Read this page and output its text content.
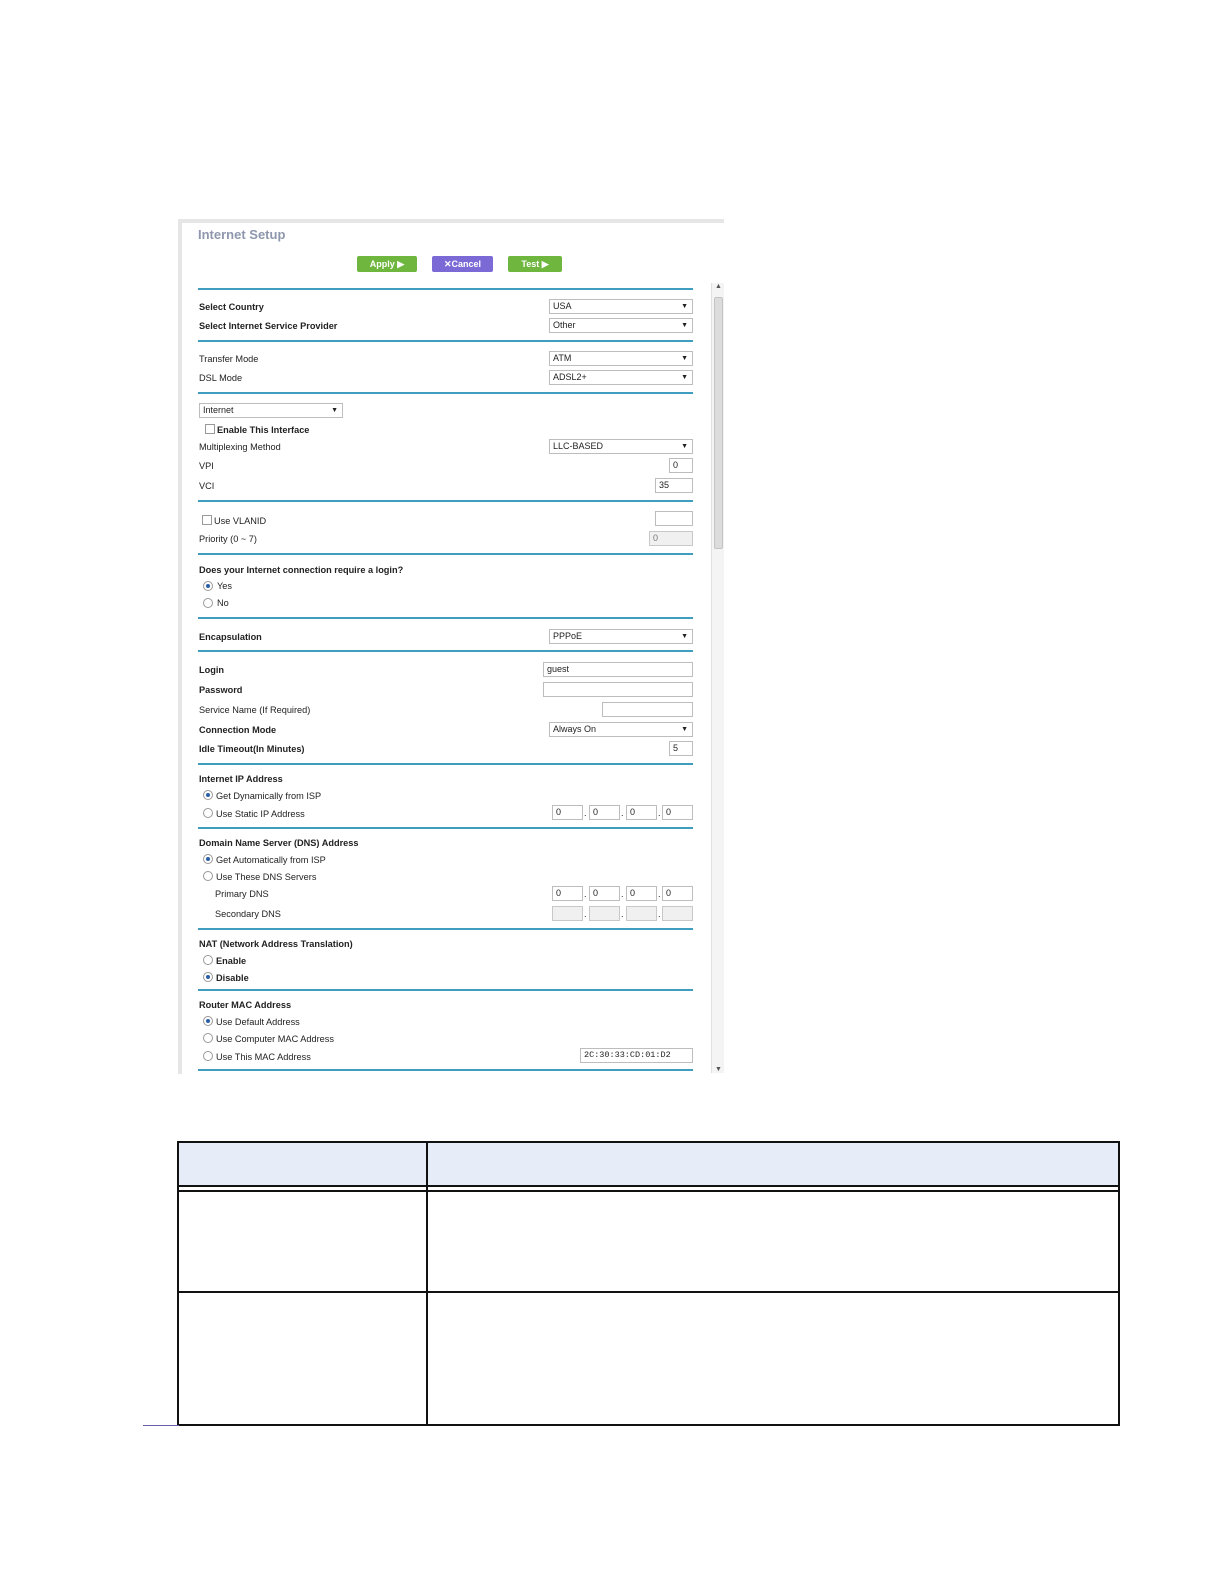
Internet Setup
Apply ▶	✕Cancel	Test ▶
Select Country	USA	▼
Select Internet Service Provider	Other	▼
Transfer Mode	ATM	▼
DSL Mode	ADSL2+	▼
Internet	▼
Enable This Interface
Multiplexing Method	LLC-BASED	▼
VPI	0
VCI	35
Use VLANID
Priority (0 ~ 7)	0
Does your Internet connection require a login?
Yes
No
Encapsulation	PPPoE	▼
Login	guest
Password
Service Name (If Required)
Connection Mode	Always On	▼
Idle Timeout(In Minutes)	5
Internet IP Address
Get Dynamically from ISP
Use Static IP Address	0	. 0	. 0	. 0
Domain Name Server (DNS) Address
Get Automatically from ISP
Use These DNS Servers
Primary DNS	0	. 0	. 0	. 0
Secondary DNS	.	.	.
NAT (Network Address Translation)
Enable
Disable
Router MAC Address
Use Default Address
Use Computer MAC Address
Use This MAC Address	2C:30:33:CD:01:D2
▲
▼
